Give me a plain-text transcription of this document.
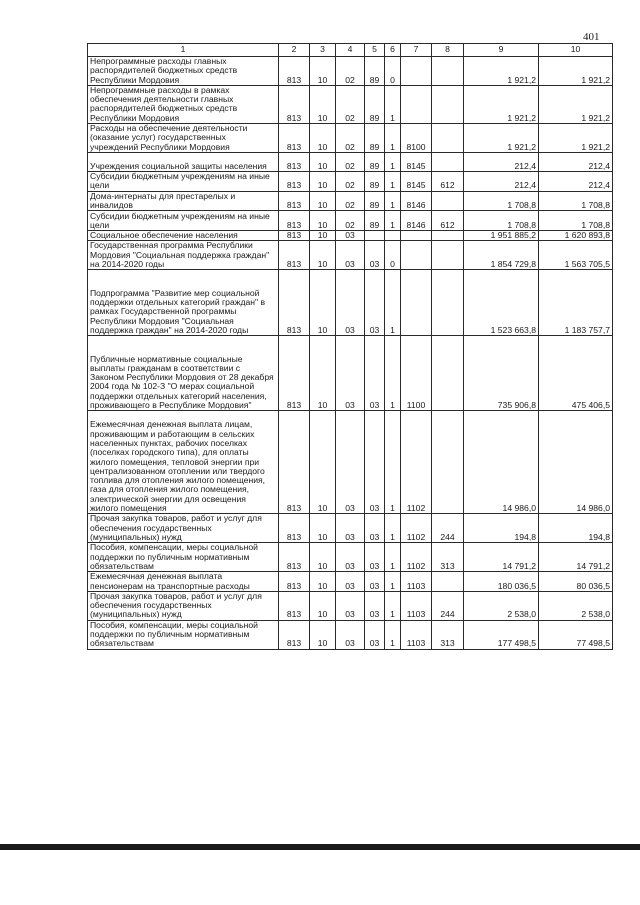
401
1	2	3	4	5	6	7	8	9	10
Непрограммные расходы главных распорядителей бюджетных средств Республики Мордовия	813	10	02	89	0			1 921,2	1 921,2
Непрограммные расходы в рамках обеспечения деятельности главных распорядителей бюджетных средств Республики Мордовия	813	10	02	89	1			1 921,2	1 921,2
Расходы на обеспечение деятельности (оказание услуг) государственных учреждений Республики Мордовия	813	10	02	89	1	8100		1 921,2	1 921,2
Учреждения социальной защиты населения	813	10	02	89	1	8145		212,4	212,4
Субсидии бюджетным учреждениям на иные цели	813	10	02	89	1	8145	612	212,4	212,4
Дома-интернаты для престарелых и инвалидов	813	10	02	89	1	8146		1 708,8	1 708,8
Субсидии бюджетным учреждениям на иные цели	813	10	02	89	1	8146	612	1 708,8	1 708,8
Социальное обеспечение населения	813	10	03					1 951 885,2	1 620 893,8
Государственная программа Республики Мордовия "Социальная поддержка граждан" на 2014-2020 годы	813	10	03	03	0			1 854 729,8	1 563 705,5
Подпрограмма "Развитие мер социальной поддержки отдельных категорий граждан" в рамках Государственной программы Республики Мордовия "Социальная поддержка граждан" на 2014-2020 годы	813	10	03	03	1			1 523 663,8	1 183 757,7
Публичные нормативные социальные выплаты гражданам в соответствии с Законом Республики Мордовия от 28 декабря 2004 года № 102-З "О мерах социальной поддержки отдельных категорий населения, проживающего в Республике Мордовия"	813	10	03	03	1	1100		735 906,8	475 406,5
Ежемесячная денежная выплата лицам, проживающим и работающим в сельских населенных пунктах, рабочих поселках (поселках городского типа), для оплаты жилого помещения, тепловой энергии при централизованном отоплении или твердого топлива для отопления жилого помещения, газа для отопления жилого помещения, электрической энергии для освещения жилого помещения	813	10	03	03	1	1102		14 986,0	14 986,0
Прочая закупка товаров, работ и услуг для обеспечения государственных (муниципальных) нужд	813	10	03	03	1	1102	244	194,8	194,8
Пособия, компенсации, меры социальной поддержки по публичным нормативным обязательствам	813	10	03	03	1	1102	313	14 791,2	14 791,2
Ежемесячная денежная выплата пенсионерам на транспортные расходы	813	10	03	03	1	1103		180 036,5	80 036,5
Прочая закупка товаров, работ и услуг для обеспечения государственных (муниципальных) нужд	813	10	03	03	1	1103	244	2 538,0	2 538,0
Пособия, компенсации, меры социальной поддержки по публичным нормативным обязательствам	813	10	03	03	1	1103	313	177 498,5	77 498,5
